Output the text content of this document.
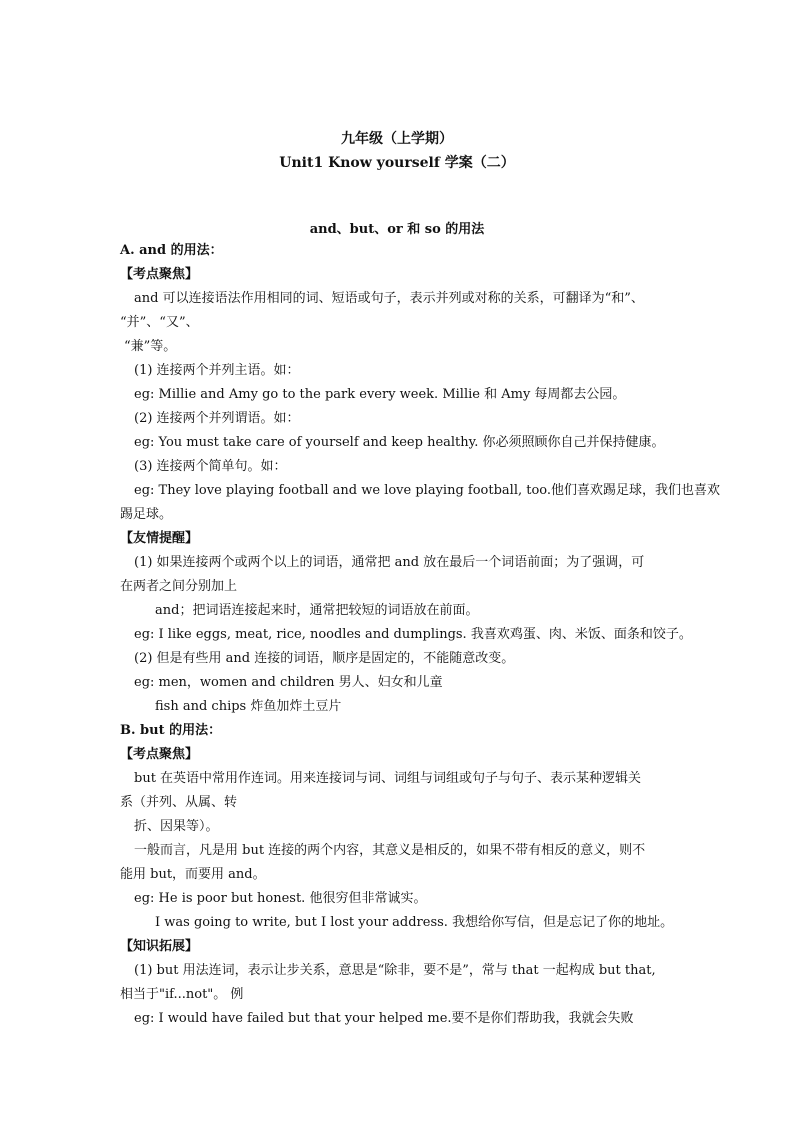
九年级（上学期）
Unit1 Know yourself 学案（二）
and、but、or 和 so 的用法
A. and 的用法：
【考点聚焦】
and 可以连接语法作用相同的词、短语或句子，表示并列或对称的关系，可翻译为“和”、
“并”、“又”、
“兼”等。
(1) 连接两个并列主语。如：
eg: Millie and Amy go to the park every week. Millie 和 Amy 每周都去公园。
(2) 连接两个并列谓语。如：
eg: You must take care of yourself and keep healthy. 你必须照顾你自己并保持健康。
(3) 连接两个简单句。如：
eg: They love playing football and we love playing football, too.他们喜欢踢足球，我们也喜欢
踢足球。
【友情提醒】
(1) 如果连接两个或两个以上的词语，通常把 and 放在最后一个词语前面；为了强调，可
在两者之间分别加上
and；把词语连接起来时，通常把较短的词语放在前面。
eg: I like eggs, meat, rice, noodles and dumplings. 我喜欢鸡蛋、肉、米饭、面条和饺子。
(2) 但是有些用 and 连接的词语，顺序是固定的，不能随意改变。
eg: men，women and children 男人、妇女和儿童
fish and chips 炸鱼加炸土豆片
B. but 的用法：
【考点聚焦】
but 在英语中常用作连词。用来连接词与词、词组与词组或句子与句子、表示某种逻辑关
系（并列、从属、转
折、因果等）。
一般而言，凡是用 but 连接的两个内容，其意义是相反的，如果不带有相反的意义，则不
能用 but，而要用 and。
eg: He is poor but honest. 他很穷但非常诚实。
I was going to write, but I lost your address. 我想给你写信，但是忘记了你的地址。
【知识拓展】
(1) but 用法连词，表示让步关系，意思是“除非，要不是”，常与 that 一起构成 but that,
相当于"if...not"。 例
eg: I would have failed but that your helped me.要不是你们帮助我，我就会失败
